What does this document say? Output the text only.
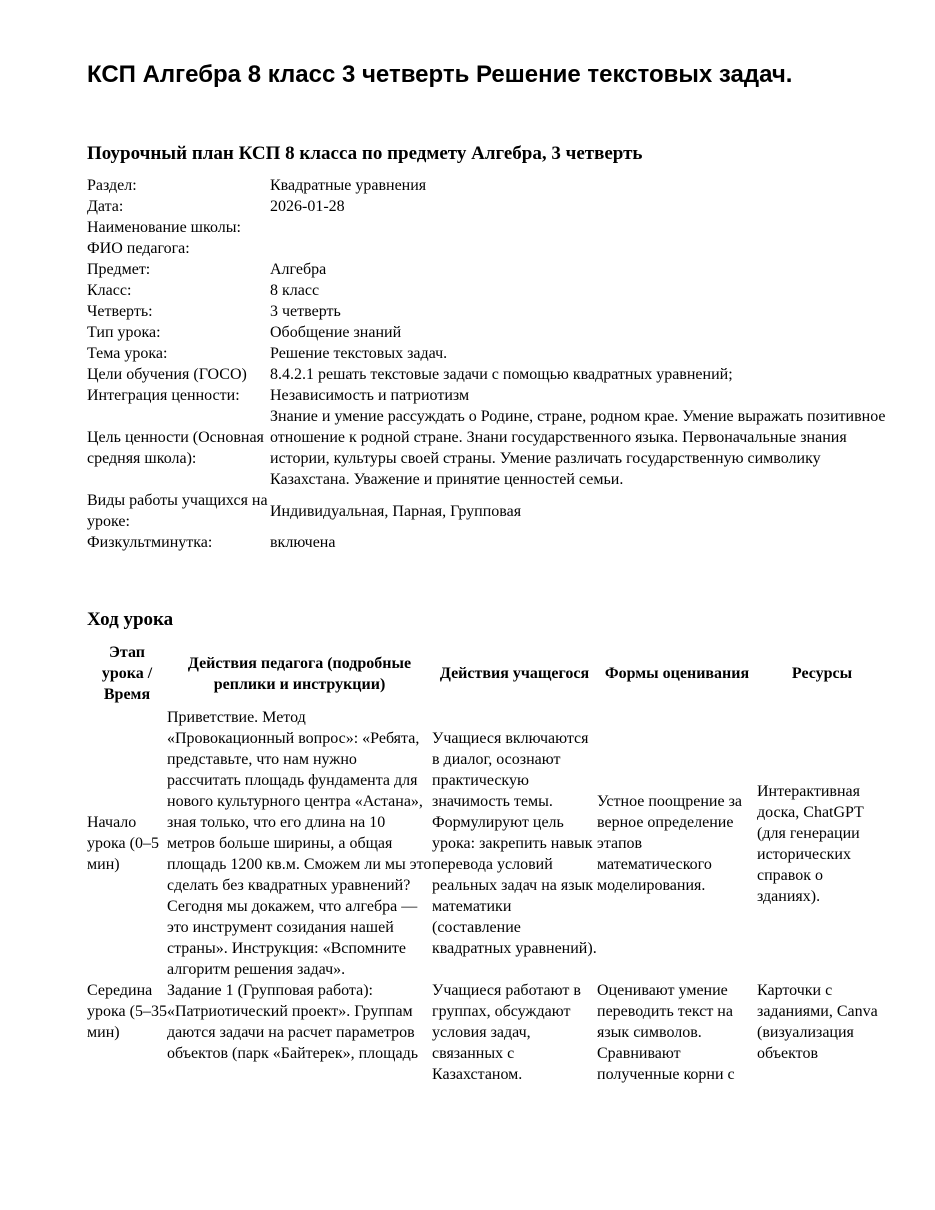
КСП Алгебра 8 класс 3 четверть Решение текстовых задач.
Поурочный план КСП 8 класса по предмету Алгебра, 3 четверть
Раздел:	Квадратные уравнения
Дата:	2026-01-28
Наименование школы:	
ФИО педагога:	
Предмет:	Алгебра
Класс:	8 класс
Четверть:	3 четверть
Тип урока:	Обобщение знаний
Тема урока:	Решение текстовых задач.
Цели обучения (ГОСО)	8.4.2.1 решать текстовые задачи с помощью квадратных уравнений;
Интеграция ценности:	Независимость и патриотизм
Цель ценности (Основная средняя школа):	Знание и умение рассуждать о Родине, стране, родном крае. Умение выражать позитивное отношение к родной стране. Знани государственного языка. Первоначальные знания истории, культуры своей страны. Умение различать государственную символику Казахстана. Уважение и принятие ценностей семьи.
Виды работы учащихся на уроке:	Индивидуальная, Парная, Групповая
Физкультминутка:	включена
Ход урока
Этап урока / Время	Действия педагога (подробные реплики и инструкции)	Действия учащегося	Формы оценивания	Ресурсы
Начало урока (0–5 мин)	Приветствие. Метод «Провокационный вопрос»: «Ребята, представьте, что нам нужно рассчитать площадь фундамента для нового культурного центра «Астана», зная только, что его длина на 10 метров больше ширины, а общая площадь 1200 кв.м. Сможем ли мы это сделать без квадратных уравнений? Сегодня мы докажем, что алгебра — это инструмент созидания нашей страны». Инструкция: «Вспомните алгоритм решения задач».	Учащиеся включаются в диалог, осознают практическую значимость темы. Формулируют цель урока: закрепить навык перевода условий реальных задач на язык математики (составление квадратных уравнений).	Устное поощрение за верное определение этапов математического моделирования.	Интерактивная доска, ChatGPT (для генерации исторических справок о зданиях).
Середина урока (5–35 мин)	Задание 1 (Групповая работа): «Патриотический проект». Группам даются задачи на расчет параметров объектов (парк «Байтерек», площадь	Учащиеся работают в группах, обсуждают условия задач, связанных с Казахстаном.	Оценивают умение переводить текст на язык символов. Сравнивают полученные корни с	Карточки с заданиями, Canva (визуализация объектов
